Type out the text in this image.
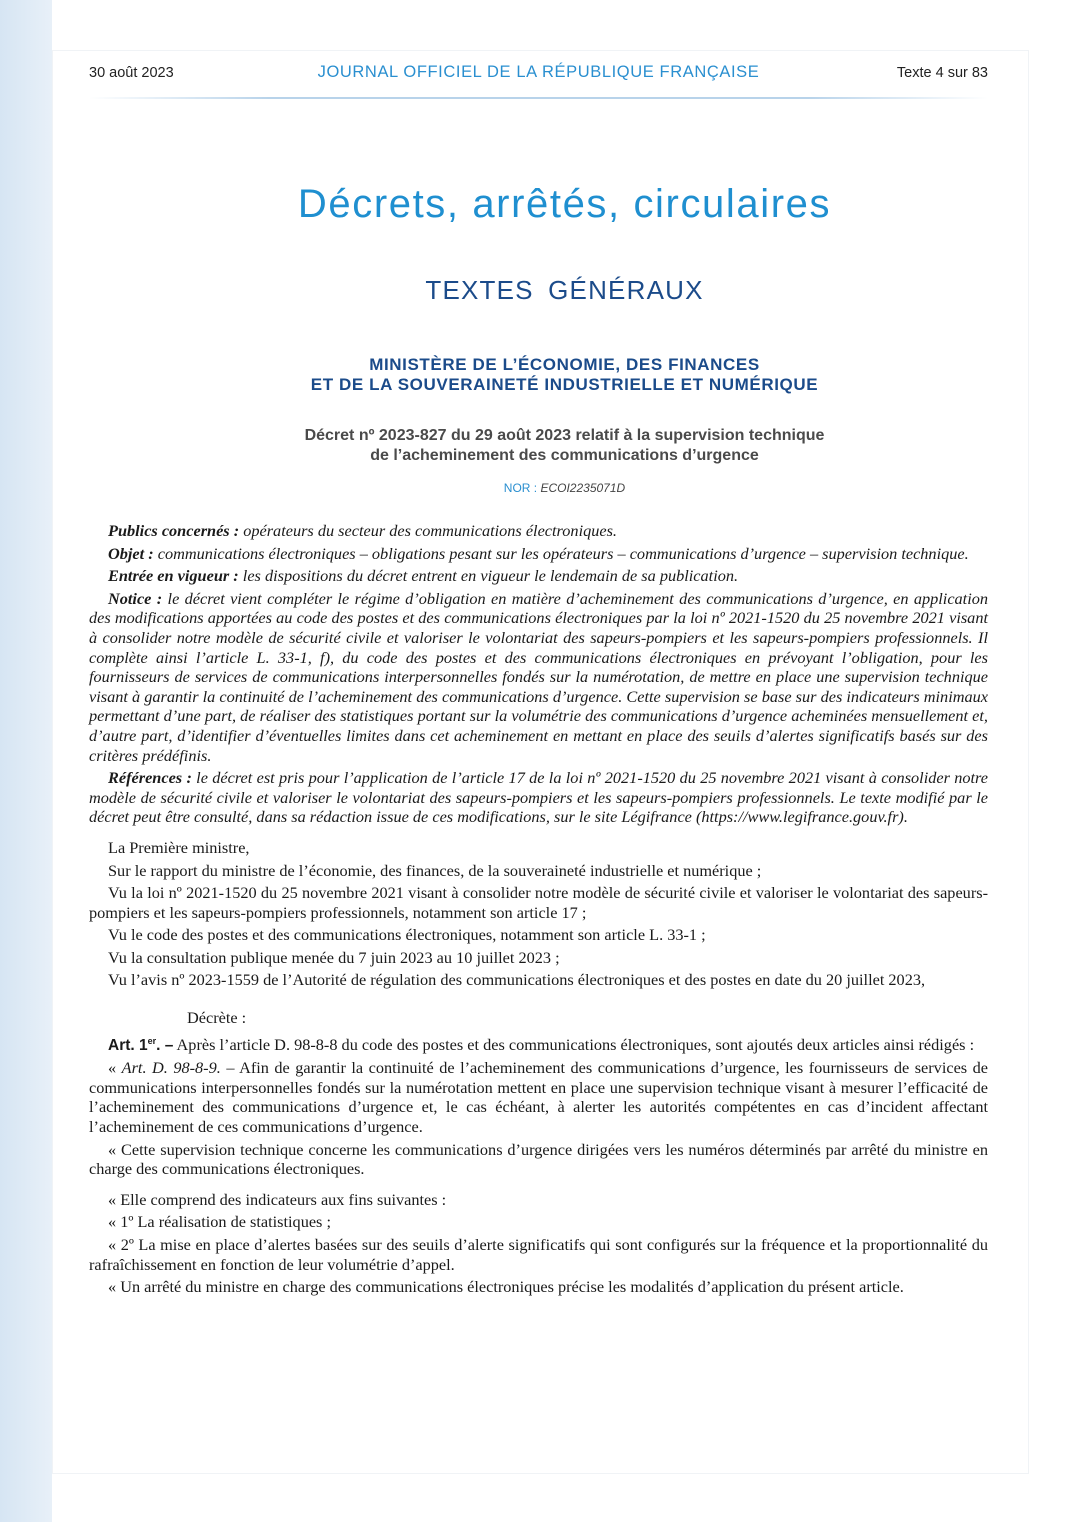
30 août 2023	JOURNAL OFFICIEL DE LA RÉPUBLIQUE FRANÇAISE	Texte 4 sur 83
Décrets, arrêtés, circulaires
TEXTES GÉNÉRAUX
MINISTÈRE DE L’ÉCONOMIE, DES FINANCES
ET DE LA SOUVERAINETÉ INDUSTRIELLE ET NUMÉRIQUE
Décret nº 2023-827 du 29 août 2023 relatif à la supervision technique
de l’acheminement des communications d’urgence
NOR : ECOI2235071D

Publics concernés : opérateurs du secteur des communications électroniques.

Objet : communications électroniques – obligations pesant sur les opérateurs – communications d’urgence – supervision technique.

Entrée en vigueur : les dispositions du décret entrent en vigueur le lendemain de sa publication.

Notice : le décret vient compléter le régime d’obligation en matière d’acheminement des communications d’urgence, en application des modifications apportées au code des postes et des communications électroniques par la loi nº 2021-1520 du 25 novembre 2021 visant à consolider notre modèle de sécurité civile et valoriser le volontariat des sapeurs-pompiers et les sapeurs-pompiers professionnels. Il complète ainsi l’article L. 33-1, f), du code des postes et des communications électroniques en prévoyant l’obligation, pour les fournisseurs de services de communications interpersonnelles fondés sur la numérotation, de mettre en place une supervision technique visant à garantir la continuité de l’acheminement des communications d’urgence. Cette supervision se base sur des indicateurs minimaux permettant d’une part, de réaliser des statistiques portant sur la volumétrie des communications d’urgence acheminées mensuellement et, d’autre part, d’identifier d’éventuelles limites dans cet acheminement en mettant en place des seuils d’alertes significatifs basés sur des critères prédéfinis.

Références : le décret est pris pour l’application de l’article 17 de la loi nº 2021-1520 du 25 novembre 2021 visant à consolider notre modèle de sécurité civile et valoriser le volontariat des sapeurs-pompiers et les sapeurs-pompiers professionnels. Le texte modifié par le décret peut être consulté, dans sa rédaction issue de ces modifications, sur le site Légifrance (https://www.legifrance.gouv.fr).

La Première ministre,

Sur le rapport du ministre de l’économie, des finances, de la souveraineté industrielle et numérique ;

Vu la loi nº 2021-1520 du 25 novembre 2021 visant à consolider notre modèle de sécurité civile et valoriser le volontariat des sapeurs-pompiers et les sapeurs-pompiers professionnels, notamment son article 17 ;

Vu le code des postes et des communications électroniques, notamment son article L. 33-1 ;

Vu la consultation publique menée du 7 juin 2023 au 10 juillet 2023 ;

Vu l’avis nº 2023-1559 de l’Autorité de régulation des communications électroniques et des postes en date du 20 juillet 2023,

Décrète :

Art. 1er. – Après l’article D. 98-8-8 du code des postes et des communications électroniques, sont ajoutés deux articles ainsi rédigés :

« Art. D. 98-8-9. – Afin de garantir la continuité de l’acheminement des communications d’urgence, les fournisseurs de services de communications interpersonnelles fondés sur la numérotation mettent en place une supervision technique visant à mesurer l’efficacité de l’acheminement des communications d’urgence et, le cas échéant, à alerter les autorités compétentes en cas d’incident affectant l’acheminement de ces communications d’urgence.

« Cette supervision technique concerne les communications d’urgence dirigées vers les numéros déterminés par arrêté du ministre en charge des communications électroniques.

« Elle comprend des indicateurs aux fins suivantes :

« 1º La réalisation de statistiques ;

« 2º La mise en place d’alertes basées sur des seuils d’alerte significatifs qui sont configurés sur la fréquence et la proportionnalité du rafraîchissement en fonction de leur volumétrie d’appel.

« Un arrêté du ministre en charge des communications électroniques précise les modalités d’application du présent article.
